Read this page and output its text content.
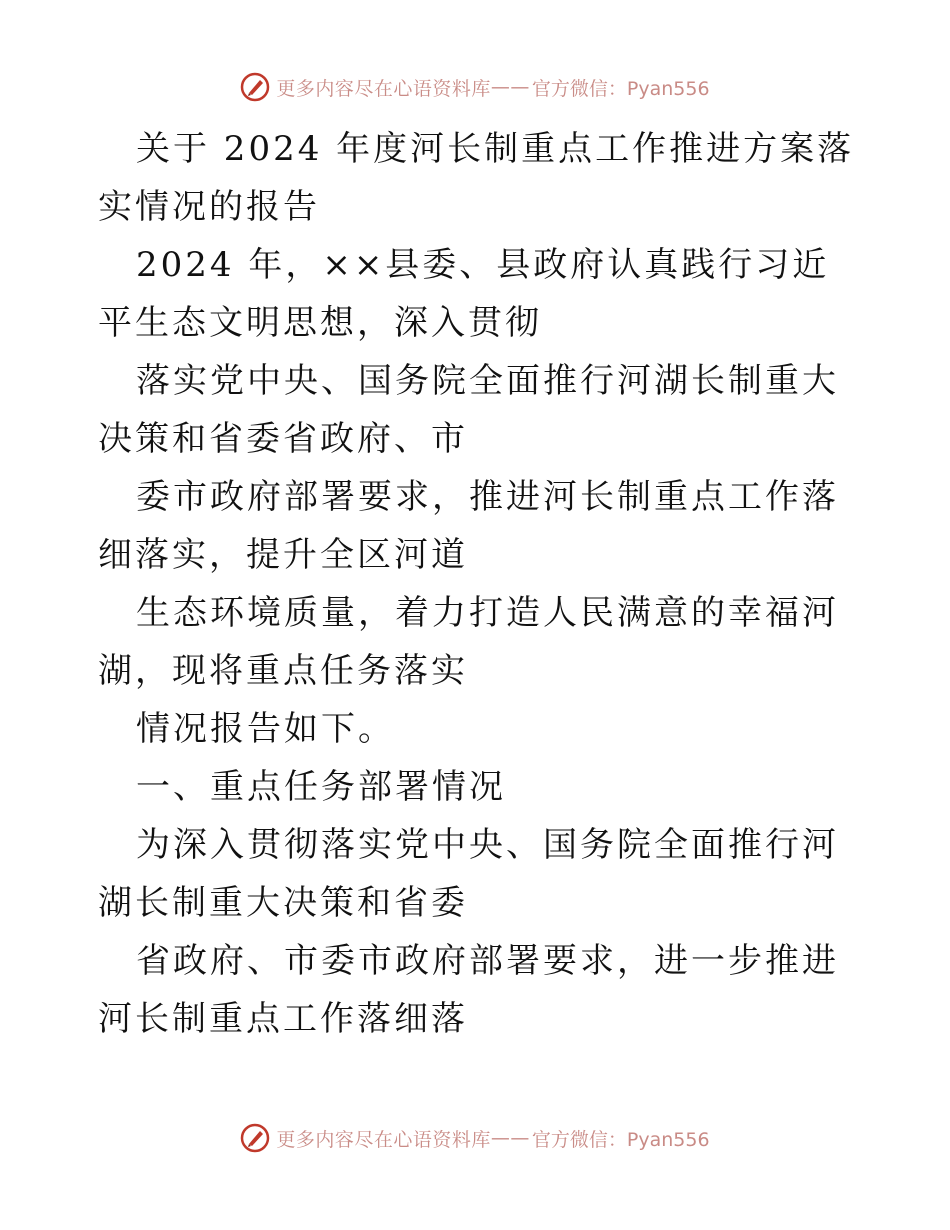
更多内容尽在心语资料库 —— 官方微信：Pyan556

关于 2024 年度河长制重点工作推进方案落实情况的报告

2024 年，××县委、县政府认真践行习近平生态文明思想，深入贯彻

落实党中央、国务院全面推行河湖长制重大决策和省委省政府、市

委市政府部署要求，推进河长制重点工作落细落实，提升全区河道

生态环境质量，着力打造人民满意的幸福河湖，现将重点任务落实

情况报告如下。

一、重点任务部署情况

为深入贯彻落实党中央、国务院全面推行河湖长制重大决策和省委

省政府、市委市政府部署要求，进一步推进河长制重点工作落细落

更多内容尽在心语资料库 —— 官方微信：Pyan556
